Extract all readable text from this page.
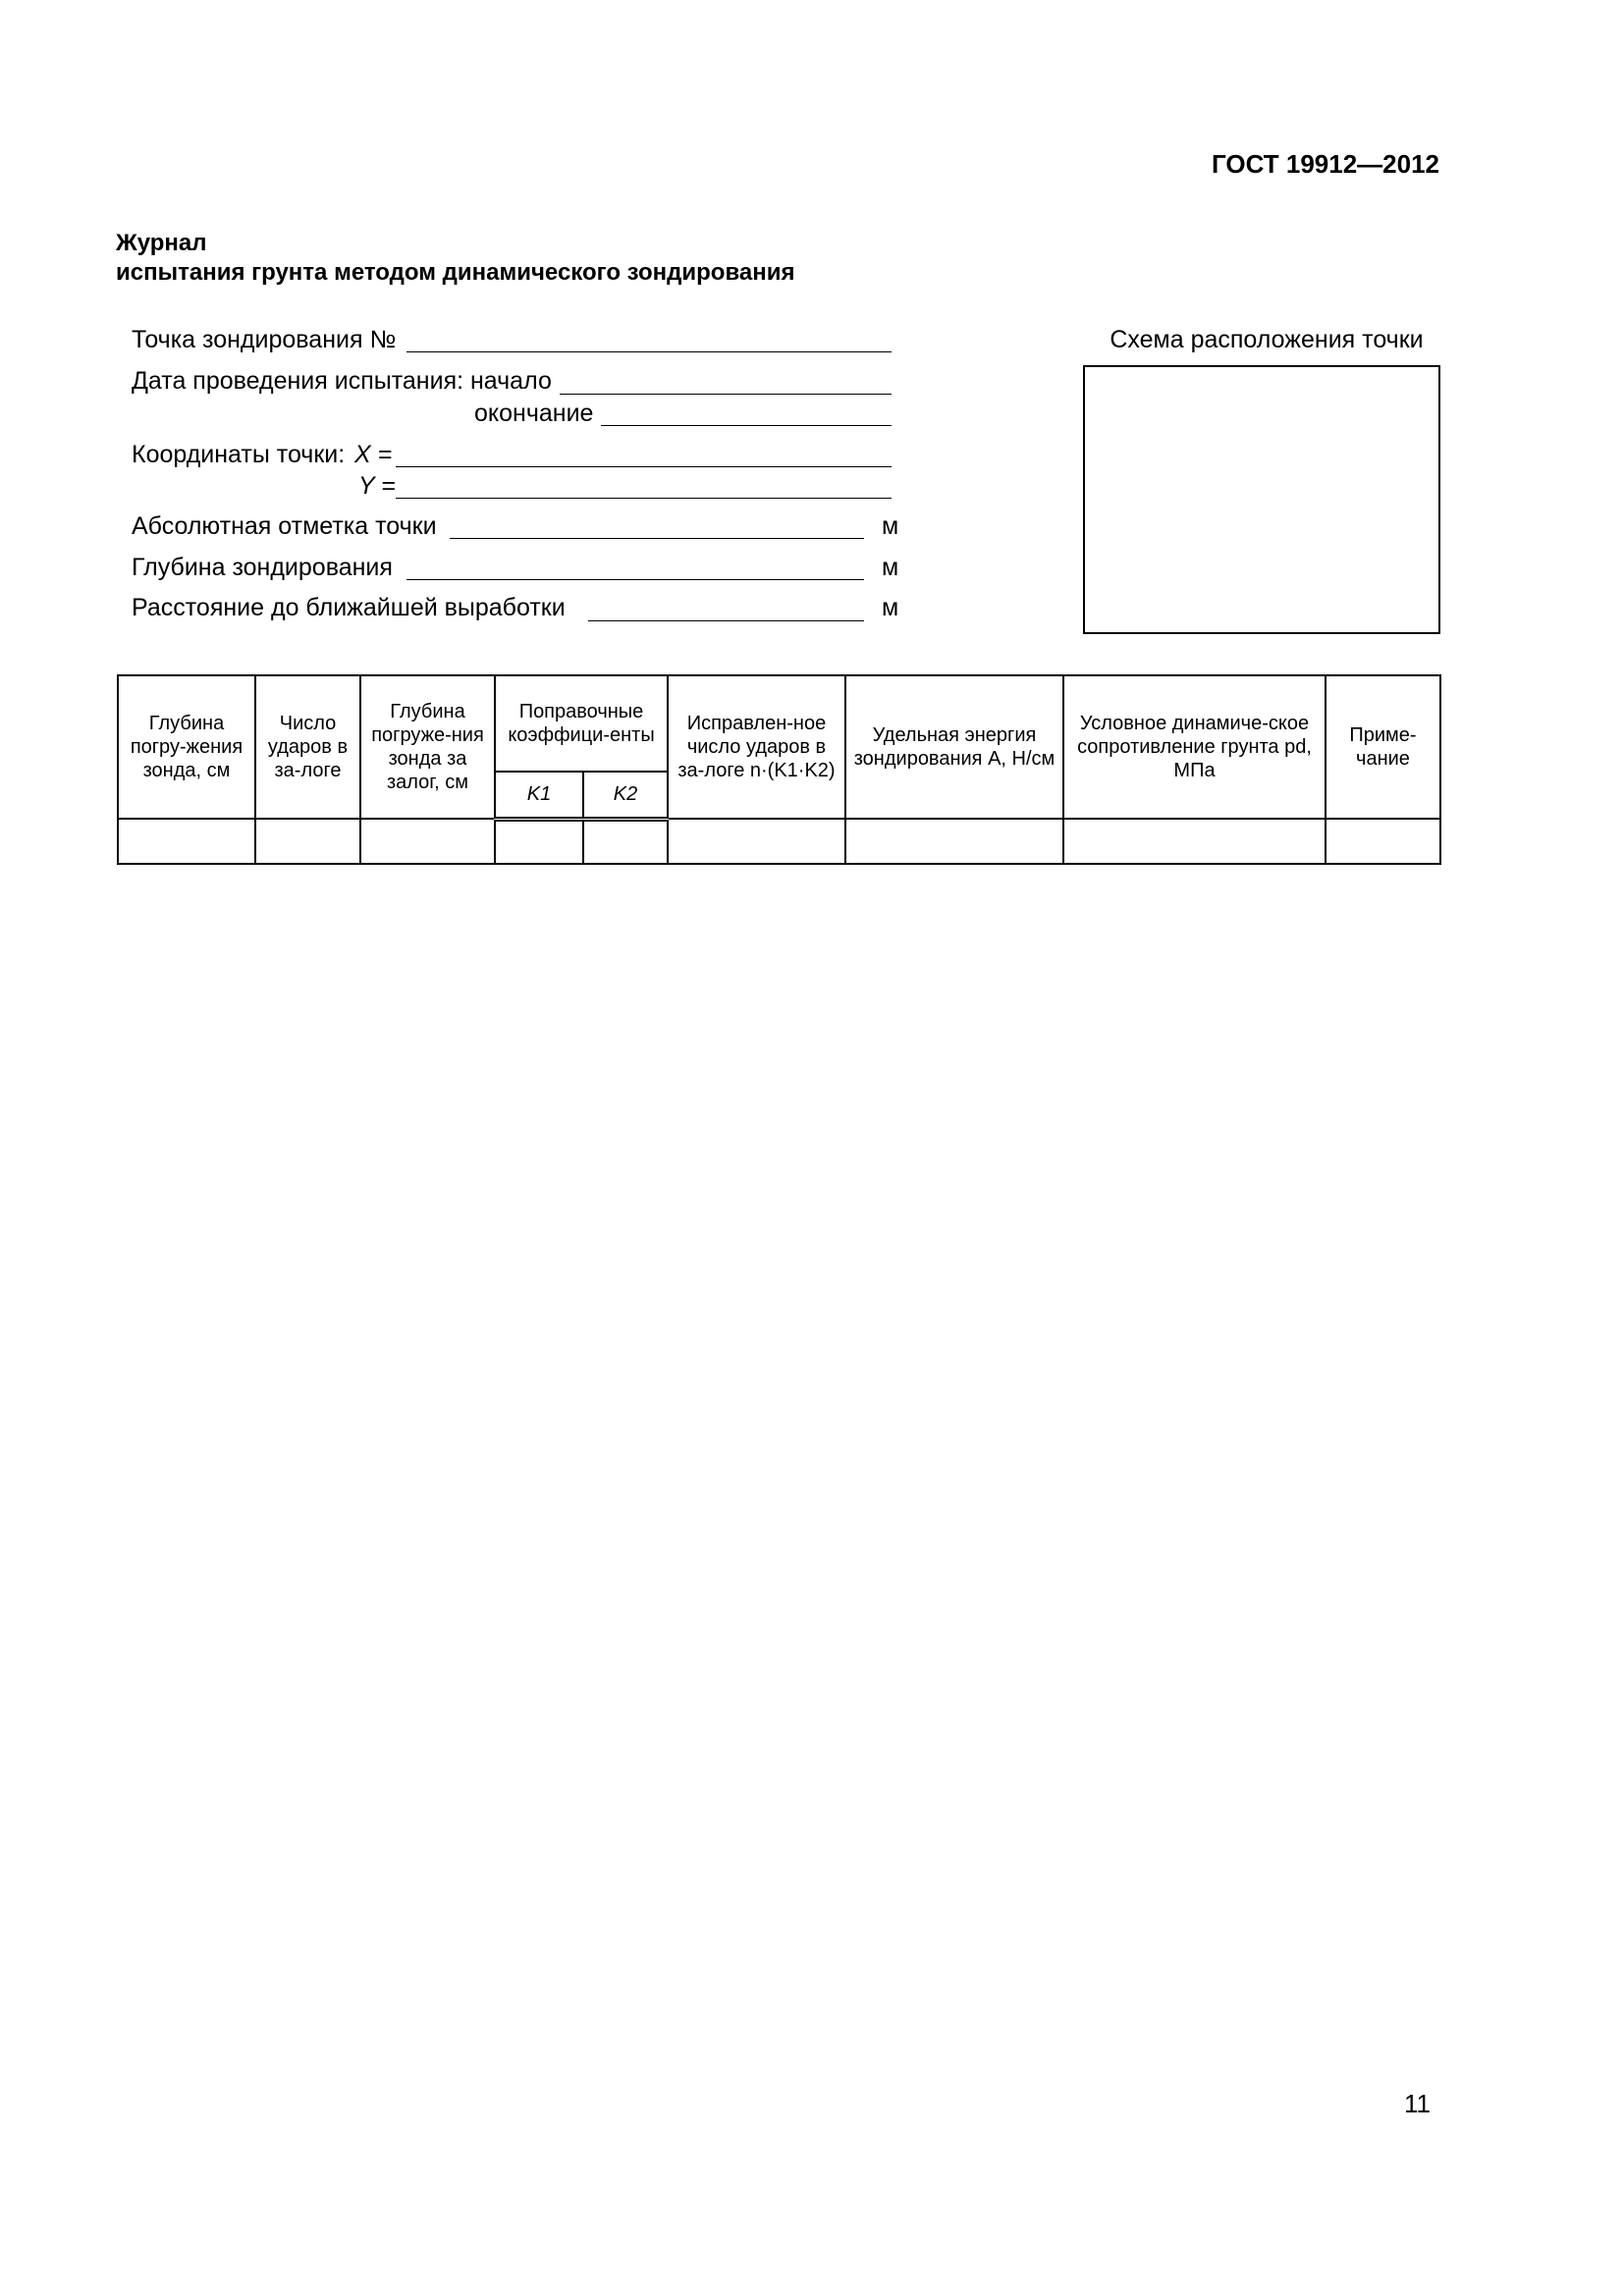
ГОСТ 19912—2012
Журнал
испытания грунта методом динамического зондирования
Точка зондирования №
Дата проведения испытания: начало
окончание
Координаты точки: X =
Y =
Абсолютная отметка точки	м
Глубина зондирования	м
Расстояние до ближайшей выработки	м
Схема расположения точки
Глубина погру-жения зонда, см	Число ударов в за-логе	Глубина погруже-ния зонда за залог, см	Поправочные коэффици-енты		Исправлен-ное число ударов в за-логе n·(K1·K2)	Удельная энергия зондирования A, Н/см	Условное динамиче-ское сопротивление грунта pd, МПа	Приме-чание
			K1	K2				

11
